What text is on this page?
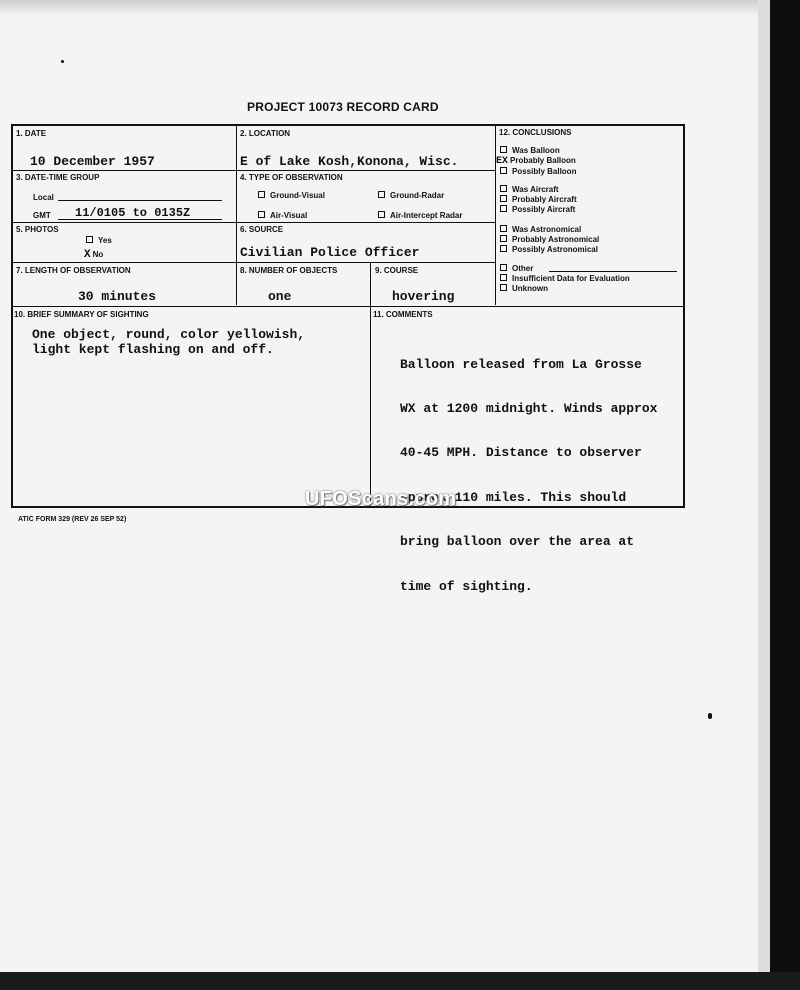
PROJECT 10073 RECORD CARD
1. DATE
10 December 1957
2. LOCATION
E of Lake Kosh,Konona, Wisc.
3. DATE-TIME GROUP
Local
GMT 11/0105 to 0135Z
4. TYPE OF OBSERVATION
Ground-Visual	Ground-Radar
Air-Visual	Air-Intercept Radar
5. PHOTOS
Yes
X No
6. SOURCE
Civilian Police Officer
7. LENGTH OF OBSERVATION
30 minutes
8. NUMBER OF OBJECTS
one
9. COURSE
hovering
10. BRIEF SUMMARY OF SIGHTING
One object, round, color yellowish,
light kept flashing on and off.
11. COMMENTS

Balloon released from La Grosse

WX at 1200 midnight. Winds approx

40-45 MPH. Distance to observer

approx 110 miles. This should

bring balloon over the area at

time of sighting.

12. CONCLUSIONS
Was Balloon
EX Probably Balloon
Possibly Balloon
Was Aircraft
Probably Aircraft
Possibly Aircraft
Was Astronomical
Probably Astronomical
Possibly Astronomical
Other
Insufficient Data for Evaluation
Unknown
ATIC FORM 329 (REV 26 SEP 52)
UFOScans.com
